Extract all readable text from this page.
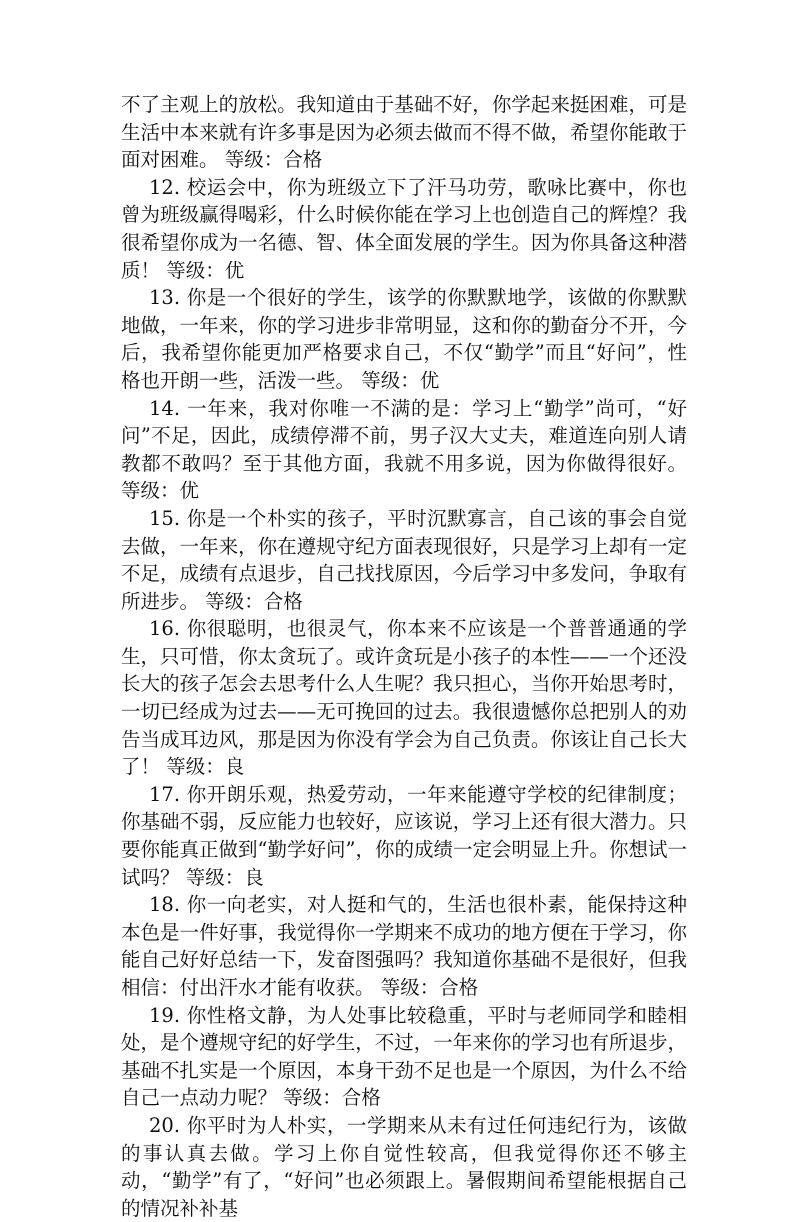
不了主观上的放松。我知道由于基础不好，你学起来挺困难，可是生活中本来就有许多事是因为必须去做而不得不做，希望你能敢于面对困难。 等级：合格

12. 校运会中，你为班级立下了汗马功劳，歌咏比赛中，你也曾为班级赢得喝彩，什么时候你能在学习上也创造自己的辉煌？我很希望你成为一名德、智、体全面发展的学生。因为你具备这种潜质！ 等级：优

13. 你是一个很好的学生，该学的你默默地学，该做的你默默地做，一年来，你的学习进步非常明显，这和你的勤奋分不开，今后，我希望你能更加严格要求自己，不仅“勤学”而且“好问”，性格也开朗一些，活泼一些。 等级：优

14. 一年来，我对你唯一不满的是：学习上“勤学”尚可，“好问”不足，因此，成绩停滞不前，男子汉大丈夫，难道连向别人请教都不敢吗？至于其他方面，我就不用多说，因为你做得很好。 等级：优

15. 你是一个朴实的孩子，平时沉默寡言，自己该的事会自觉去做，一年来，你在遵规守纪方面表现很好，只是学习上却有一定不足，成绩有点退步，自己找找原因，今后学习中多发问，争取有所进步。 等级：合格

16. 你很聪明，也很灵气，你本来不应该是一个普普通通的学生，只可惜，你太贪玩了。或许贪玩是小孩子的本性——一个还没长大的孩子怎会去思考什么人生呢？我只担心，当你开始思考时，一切已经成为过去——无可挽回的过去。我很遗憾你总把别人的劝告当成耳边风，那是因为你没有学会为自己负责。你该让自己长大了！ 等级：良

17. 你开朗乐观，热爱劳动，一年来能遵守学校的纪律制度；你基础不弱，反应能力也较好，应该说，学习上还有很大潜力。只要你能真正做到“勤学好问”，你的成绩一定会明显上升。你想试一试吗？ 等级：良

18. 你一向老实，对人挺和气的，生活也很朴素，能保持这种本色是一件好事，我觉得你一学期来不成功的地方便在于学习，你能自己好好总结一下，发奋图强吗？我知道你基础不是很好，但我相信：付出汗水才能有收获。 等级：合格

19. 你性格文静，为人处事比较稳重，平时与老师同学和睦相处，是个遵规守纪的好学生，不过，一年来你的学习也有所退步，基础不扎实是一个原因，本身干劲不足也是一个原因，为什么不给自己一点动力呢？ 等级：合格

20. 你平时为人朴实，一学期来从未有过任何违纪行为，该做的事认真去做。学习上你自觉性较高，但我觉得你还不够主动，“勤学”有了，“好问”也必须跟上。暑假期间希望能根据自己的情况补补基
